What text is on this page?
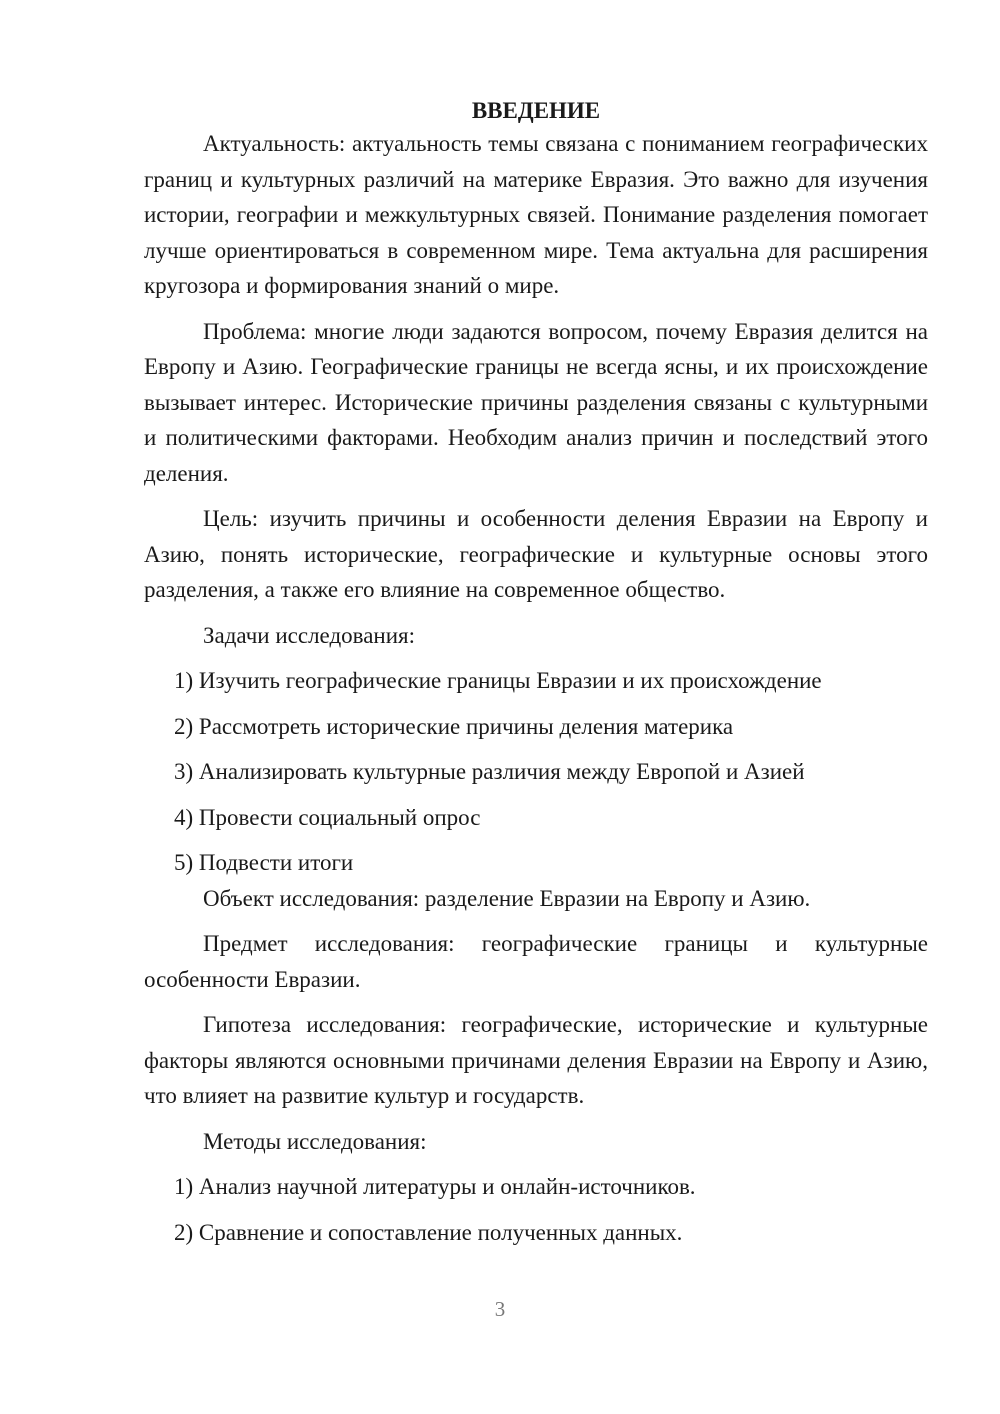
ВВЕДЕНИЕ

Актуальность: актуальность темы связана с пониманием географических границ и культурных различий на материке Евразия. Это важно для изучения истории, географии и межкультурных связей. Понимание разделения помогает лучше ориентироваться в современном мире. Тема актуальна для расширения кругозора и формирования знаний о мире.

Проблема: многие люди задаются вопросом, почему Евразия делится на Европу и Азию. Географические границы не всегда ясны, и их происхождение вызывает интерес. Исторические причины разделения связаны с культурными и политическими факторами. Необходим анализ причин и последствий этого деления.

Цель: изучить причины и особенности деления Евразии на Европу и Азию, понять исторические, географические и культурные основы этого разделения, а также его влияние на современное общество.

Задачи исследования:

1) Изучить географические границы Евразии и их происхождение

2) Рассмотреть исторические причины деления материка

3) Анализировать культурные различия между Европой и Азией

4) Провести социальный опрос

5) Подвести итоги

Объект исследования: разделение Евразии на Европу и Азию.

Предмет исследования: географические границы и культурные особенности Евразии.

Гипотеза исследования: географические, исторические и культурные факторы являются основными причинами деления Евразии на Европу и Азию, что влияет на развитие культур и государств.

Методы исследования:

1) Анализ научной литературы и онлайн-источников.

2) Сравнение и сопоставление полученных данных.

3
